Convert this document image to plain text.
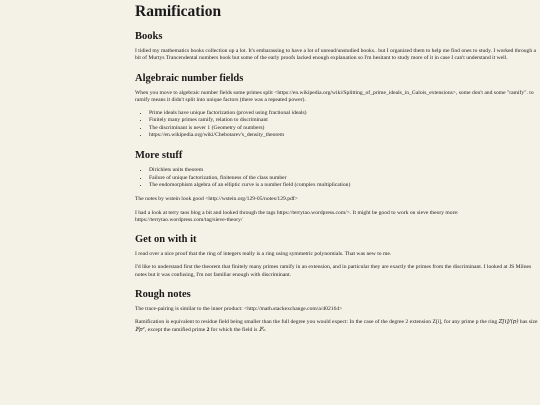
Ramification
Books

I tidied my mathematics books collection up a lot. It's embarassing to have a lot of unread/unstudied books.. but I organized them to help me find ones to study. I worked through a bit of Murtys Trancendental numbers book but some of the early proofs lacked enough explanation so I'm hesitant to study more of it in case I can't understand it well.

Algebraic number fields

When you move to algebraic number fields some primes split <https://en.wikipedia.org/wiki/Splitting_of_prime_ideals_in_Galois_extensions>, some don't and some "ramify". to ramify means it didn't split into unique factors (there was a repeated power).

• Prime ideals have unique factorization (proved using fractional ideals)
• Finitely many primes ramify, relation to discriminant
• The discriminant is never 1 (Geometry of numbers)
• https://en.wikipedia.org/wiki/Chebotarev's_density_theorem
More stuff
• Dirichlets units theorem
• Failure of unique factorization, finiteness of the class number
• The endomorphism algebra of an elliptic curve is a number field (complex multiplication)

The notes by wstein look good <http://wstein.org/129-05/notes/129.pdf>

I had a look at terry taos blog a bit and looked through the tags https://terrytao.wordpress.com/>. It might be good to work on sieve theory more: https://terrytao.wordpress.com/tag/sieve-theory/

Get on with it

I read over a nice proof that the ring of integers really is a ring using symmetric polynomials. That was new to me.

I'd like to understand first the theorem that finitely many primes ramify in an extension, and in particular they are exactly the primes from the discriminant. I looked at JS Milnes notes but it was confusing, I'm not familiar enough with discriminant.

Rough notes

The trace-pairing is similar to the inner product: <http://math.stackexchange.com/a/402164>

Ramification is equivalent to residue field being smaller than the full degree you would expect: In the case of the degree 2 extension Z[i], for any prime p the ring Z[i]/(p) has size 𝔽p², except the ramified prime 2 for which the field is 𝔽₂.
